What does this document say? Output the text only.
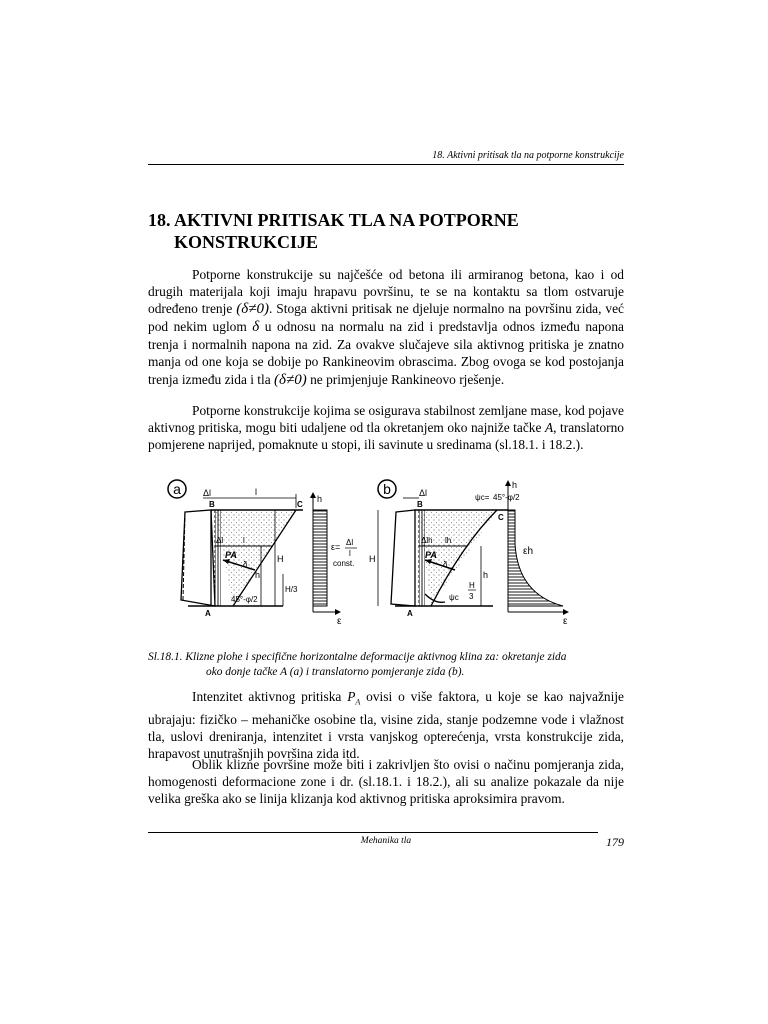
18. Aktivni pritisak tla na potporne konstrukcije
18. AKTIVNI PRITISAK TLA NA POTPORNE
KONSTRUKCIJE

Potporne konstrukcije su najčešće od betona ili armiranog betona, kao i od drugih materijala koji imaju hrapavu površinu, te se na kontaktu sa tlom ostvaruje određeno trenje (δ≠0). Stoga aktivni pritisak ne djeluje normalno na površinu zida, već pod nekim uglom δ u odnosu na normalu na zid i predstavlja odnos između napona trenja i normalnih napona na zid. Za ovakve slučajeve sila aktivnog pritiska je znatno manja od one koja se dobije po Rankineovim obrascima. Zbog ovoga se kod postojanja trenja između zida i tla (δ≠0) ne primjenjuje Rankineovo rješenje.

Potporne konstrukcije kojima se osigurava stabilnost zemljane mase, kod pojave aktivnog pritiska, mogu biti udaljene od tla okretanjem oko najniže tačke A, translatorno pomjerene naprijed, pomaknute u stopi, ili savinute u sredinama (sl.18.1. i 18.2.).

a Δl	l
B	C
A
Δl l
PA
δ
H
h
H/3
45°-φ/2
h
ε
ε= Δl
l
const.
b	Δl
B
C
A
Δlh lh
PA
δ
H
h
H
3
ψc
ψc= 45°-φ/2
h
εh
ε
Sl.18.1. Klizne plohe i specifične horizontalne deformacije aktivnog klina za: okretanje zida
oko donje tačke A (a) i translatorno pomjeranje zida (b).

Intenzitet aktivnog pritiska $P_A$ ovisi o više faktora, u koje se kao najvažnije ubrajaju: fizičko – mehaničke osobine tla, visine zida, stanje podzemne vode i vlažnost tla, uslovi dreniranja, intenzitet i vrsta vanjskog opterećenja, vrsta konstrukcije zida, hrapavost unutrašnjih površina zida itd.

Oblik klizne površine može biti i zakrivljen što ovisi o načinu pomjeranja zida, homogenosti deformacione zone i dr. (sl.18.1. i 18.2.), ali su analize pokazale da nije velika greška ako se linija klizanja kod aktivnog pritiska aproksimira pravom.

Mehanika tla	179
